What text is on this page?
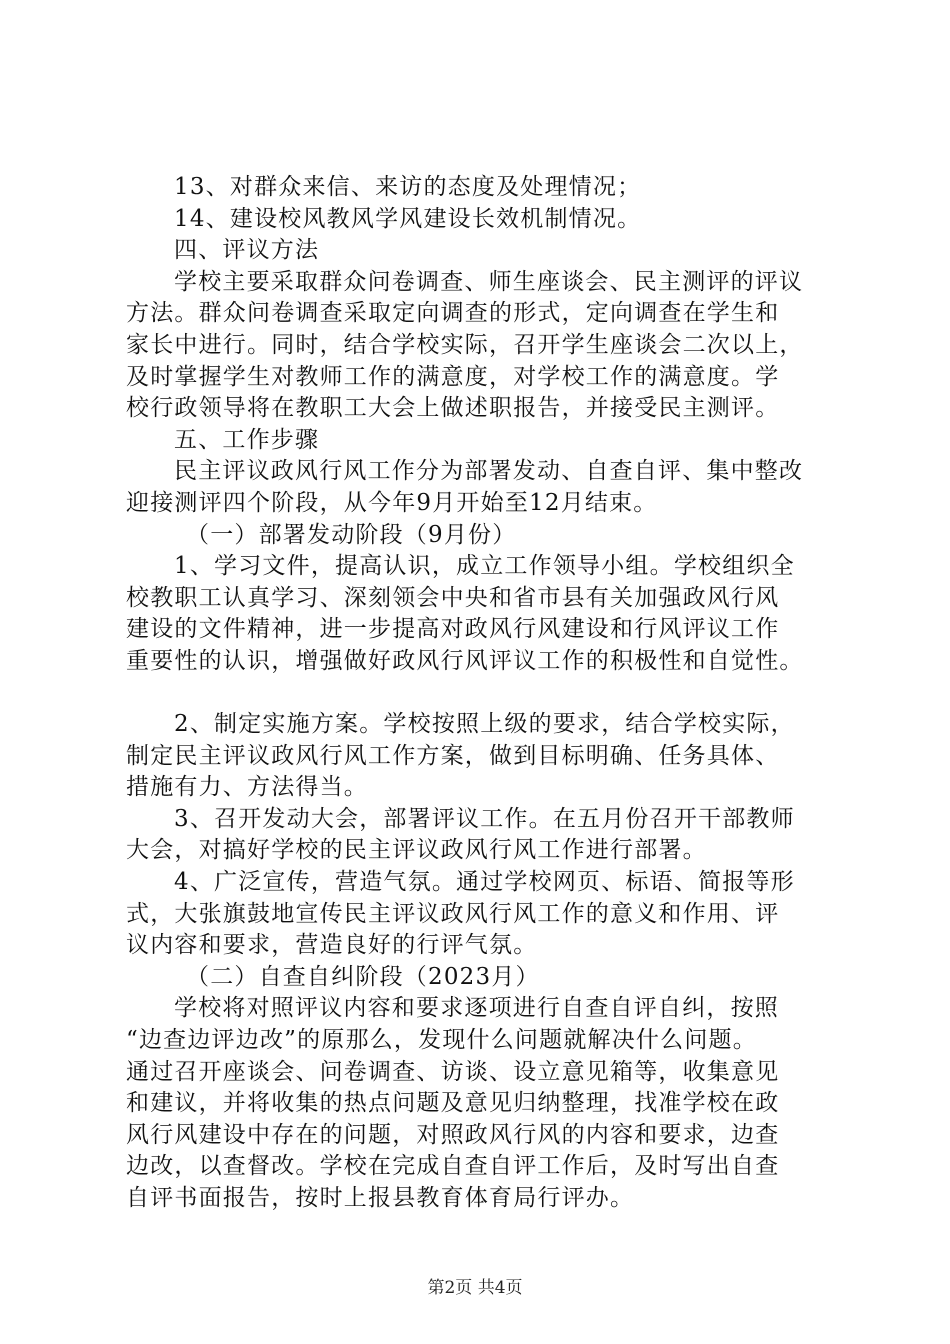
13、对群众来信、来访的态度及处理情况；
14、建设校风教风学风建设长效机制情况。
四、评议方法
学校主要采取群众问卷调查、师生座谈会、民主测评的评议
方法。群众问卷调查采取定向调查的形式，定向调查在学生和
家长中进行。同时，结合学校实际，召开学生座谈会二次以上，
及时掌握学生对教师工作的满意度，对学校工作的满意度。学
校行政领导将在教职工大会上做述职报告，并接受民主测评。
五、工作步骤
民主评议政风行风工作分为部署发动、自查自评、集中整改
迎接测评四个阶段，从今年9月开始至12月结束。
（一）部署发动阶段（9月份）
1、学习文件，提高认识，成立工作领导小组。学校组织全
校教职工认真学习、深刻领会中央和省市县有关加强政风行风
建设的文件精神，进一步提高对政风行风建设和行风评议工作
重要性的认识，增强做好政风行风评议工作的积极性和自觉性。
2、制定实施方案。学校按照上级的要求，结合学校实际，
制定民主评议政风行风工作方案，做到目标明确、任务具体、
措施有力、方法得当。
3、召开发动大会，部署评议工作。在五月份召开干部教师
大会，对搞好学校的民主评议政风行风工作进行部署。
4、广泛宣传，营造气氛。通过学校网页、标语、简报等形
式，大张旗鼓地宣传民主评议政风行风工作的意义和作用、评
议内容和要求，营造良好的行评气氛。
（二）自查自纠阶段（2023月）
学校将对照评议内容和要求逐项进行自查自评自纠，按照
“边查边评边改”的原那么，发现什么问题就解决什么问题。
通过召开座谈会、问卷调查、访谈、设立意见箱等，收集意见
和建议，并将收集的热点问题及意见归纳整理，找准学校在政
风行风建设中存在的问题，对照政风行风的内容和要求，边查
边改，以查督改。学校在完成自查自评工作后，及时写出自查
自评书面报告，按时上报县教育体育局行评办。
第2页 共4页
